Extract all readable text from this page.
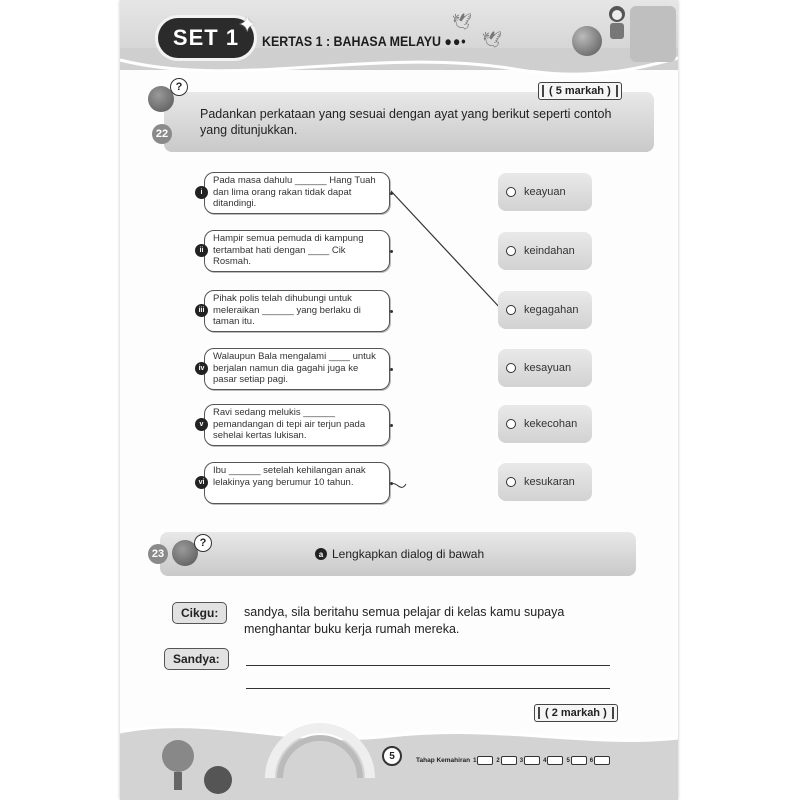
SET 1
✦
KERTAS 1 : BAHASA MELAYU ●●•
🕊
🕊
( 5 markah )
?
22
Padankan perkataan yang sesuai dengan ayat yang berikut seperti contoh yang ditunjukkan.
i
Pada masa dahulu ______ Hang Tuah dan lima orang rakan tidak dapat ditandingi.
ii
Hampir semua pemuda di kampung tertambat hati dengan ____ Cik Rosmah.
iii
Pihak polis telah dihubungi untuk meleraikan ______ yang berlaku di taman itu.
iv
Walaupun Bala mengalami ____ untuk berjalan namun dia gagahi juga ke pasar setiap pagi.
v
Ravi sedang melukis ______ pemandangan di tepi air terjun pada sehelai kertas lukisan.
vi
Ibu ______ setelah kehilangan anak lelakinya yang berumur 10 tahun.
keayuan
keindahan
kegagahan
kesayuan
kekecohan
kesukaran
23
?
a Lengkapkan dialog di bawah
Cikgu:	sandya, sila beritahu semua pelajar di kelas kamu supaya menghantar buku kerja rumah mereka.
Sandya:
( 2 markah )
5	Tahap Kemahiran 1	2	3	4	5	6
